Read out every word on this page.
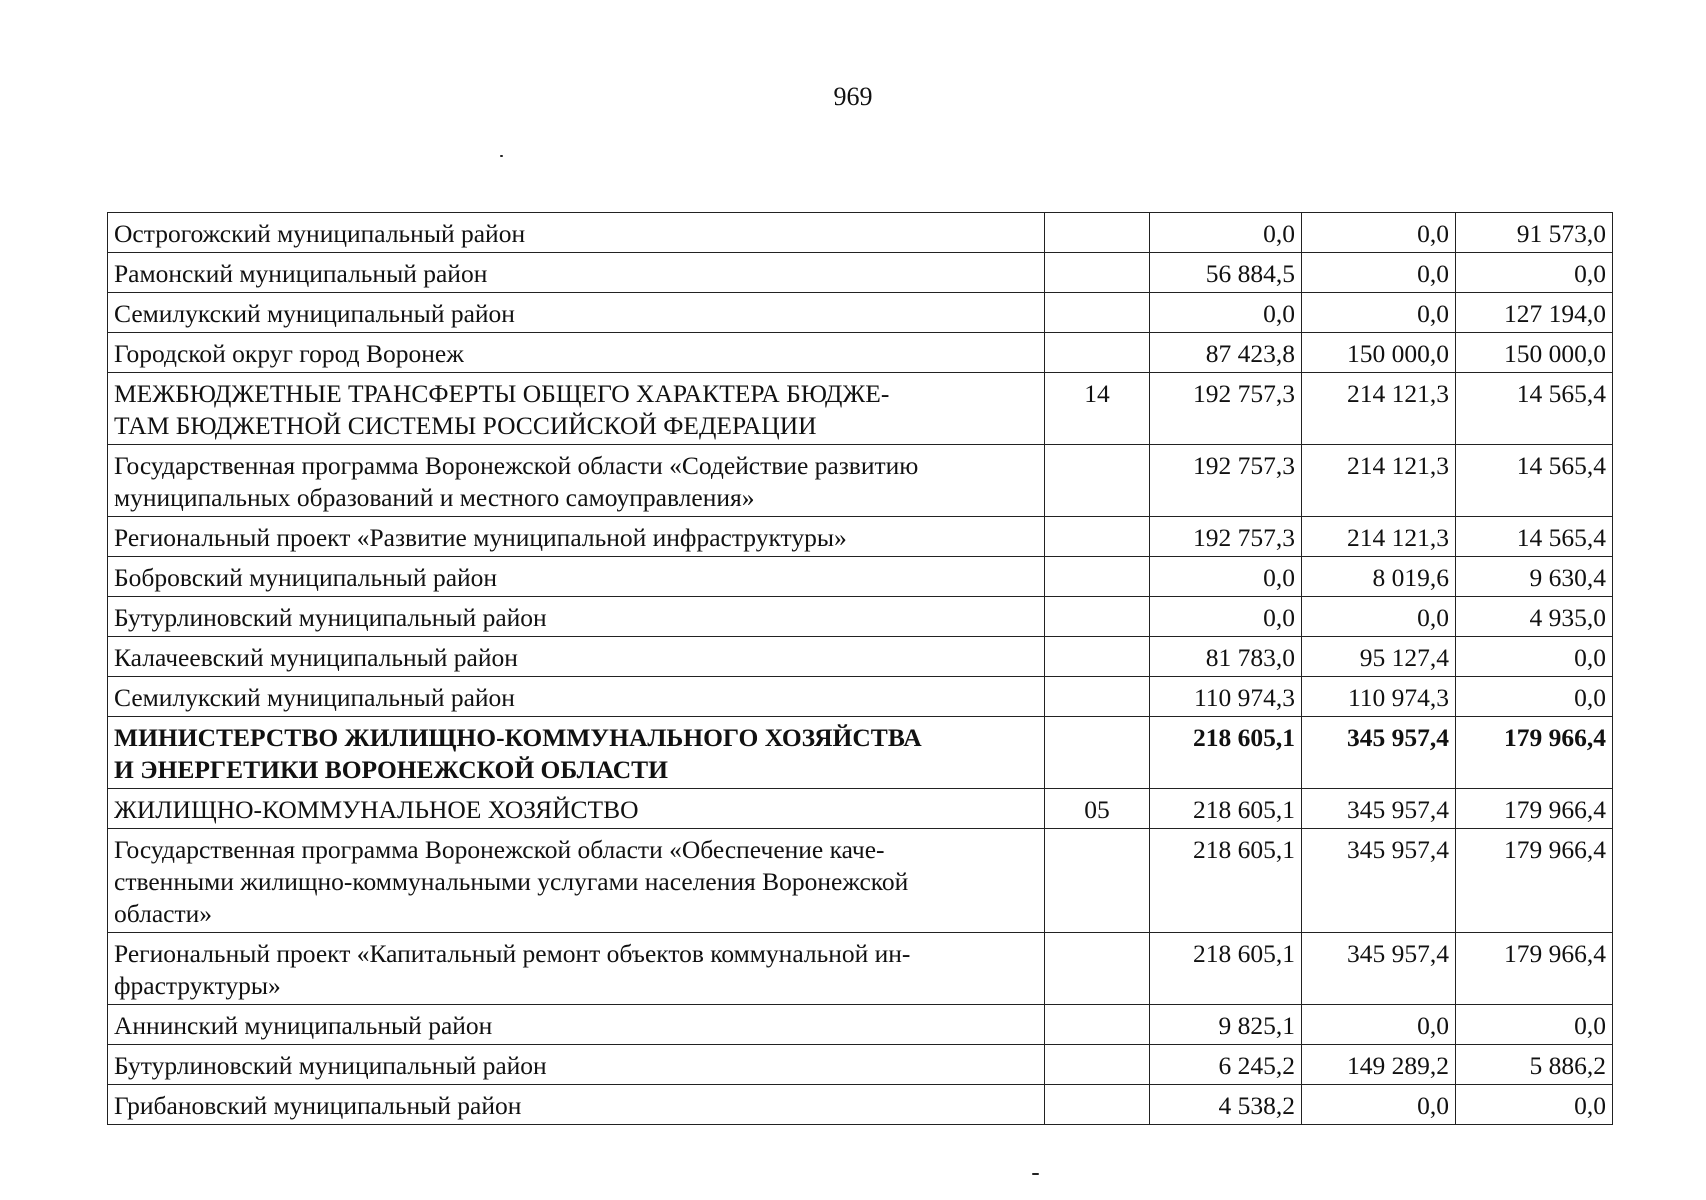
969
Острогожский муниципальный район		0,0	0,0	91 573,0
Рамонский муниципальный район		56 884,5	0,0	0,0
Семилукский муниципальный район		0,0	0,0	127 194,0
Городской округ город Воронеж		87 423,8	150 000,0	150 000,0
МЕЖБЮДЖЕТНЫЕ ТРАНСФЕРТЫ ОБЩЕГО ХАРАКТЕРА БЮДЖЕ-
ТАМ БЮДЖЕТНОЙ СИСТЕМЫ РОССИЙСКОЙ ФЕДЕРАЦИИ	14	192 757,3	214 121,3	14 565,4
Государственная программа Воронежской области «Содействие развитию
муниципальных образований и местного самоуправления»		192 757,3	214 121,3	14 565,4
Региональный проект «Развитие муниципальной инфраструктуры»		192 757,3	214 121,3	14 565,4
Бобровский муниципальный район		0,0	8 019,6	9 630,4
Бутурлиновский муниципальный район		0,0	0,0	4 935,0
Калачеевский муниципальный район		81 783,0	95 127,4	0,0
Семилукский муниципальный район		110 974,3	110 974,3	0,0
МИНИСТЕРСТВО ЖИЛИЩНО-КОММУНАЛЬНОГО ХОЗЯЙСТВА
И ЭНЕРГЕТИКИ ВОРОНЕЖСКОЙ ОБЛАСТИ		218 605,1	345 957,4	179 966,4
ЖИЛИЩНО-КОММУНАЛЬНОЕ ХОЗЯЙСТВО	05	218 605,1	345 957,4	179 966,4
Государственная программа Воронежской области «Обеспечение каче-
ственными жилищно-коммунальными услугами населения Воронежской
области»		218 605,1	345 957,4	179 966,4
Региональный проект «Капитальный ремонт объектов коммунальной ин-
фраструктуры»		218 605,1	345 957,4	179 966,4
Аннинский муниципальный район		9 825,1	0,0	0,0
Бутурлиновский муниципальный район		6 245,2	149 289,2	5 886,2
Грибановский муниципальный район		4 538,2	0,0	0,0
